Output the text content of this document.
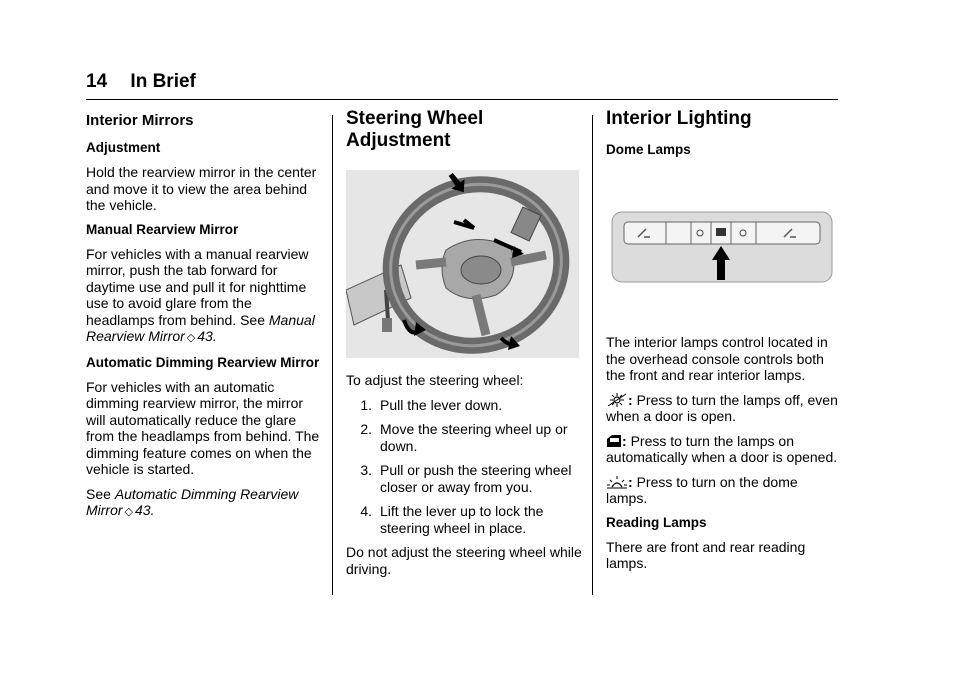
14 In Brief
Interior Mirrors
Adjustment

Hold the rearview mirror in the center and move it to view the area behind the vehicle.

Manual Rearview Mirror

For vehicles with a manual rearview mirror, push the tab forward for daytime use and pull it for nighttime use to avoid glare from the headlamps from behind. See Manual Rearview Mirror ◇ 43.

Automatic Dimming Rearview Mirror

For vehicles with an automatic dimming rearview mirror, the mirror will automatically reduce the glare from the headlamps from behind. The dimming feature comes on when the vehicle is started.

See Automatic Dimming Rearview Mirror ◇ 43.

Steering Wheel
Adjustment

To adjust the steering wheel:

1. Pull the lever down.
2. Move the steering wheel up or down.
3. Pull or push the steering wheel closer or away from you.
4. Lift the lever up to lock the steering wheel in place.

Do not adjust the steering wheel while driving.

Interior Lighting
Dome Lamps

The interior lamps control located in the overhead console controls both the front and rear interior lamps.

: Press to turn the lamps off, even when a door is open.

: Press to turn the lamps on automatically when a door is opened.

: Press to turn on the dome lamps.

Reading Lamps

There are front and rear reading lamps.
